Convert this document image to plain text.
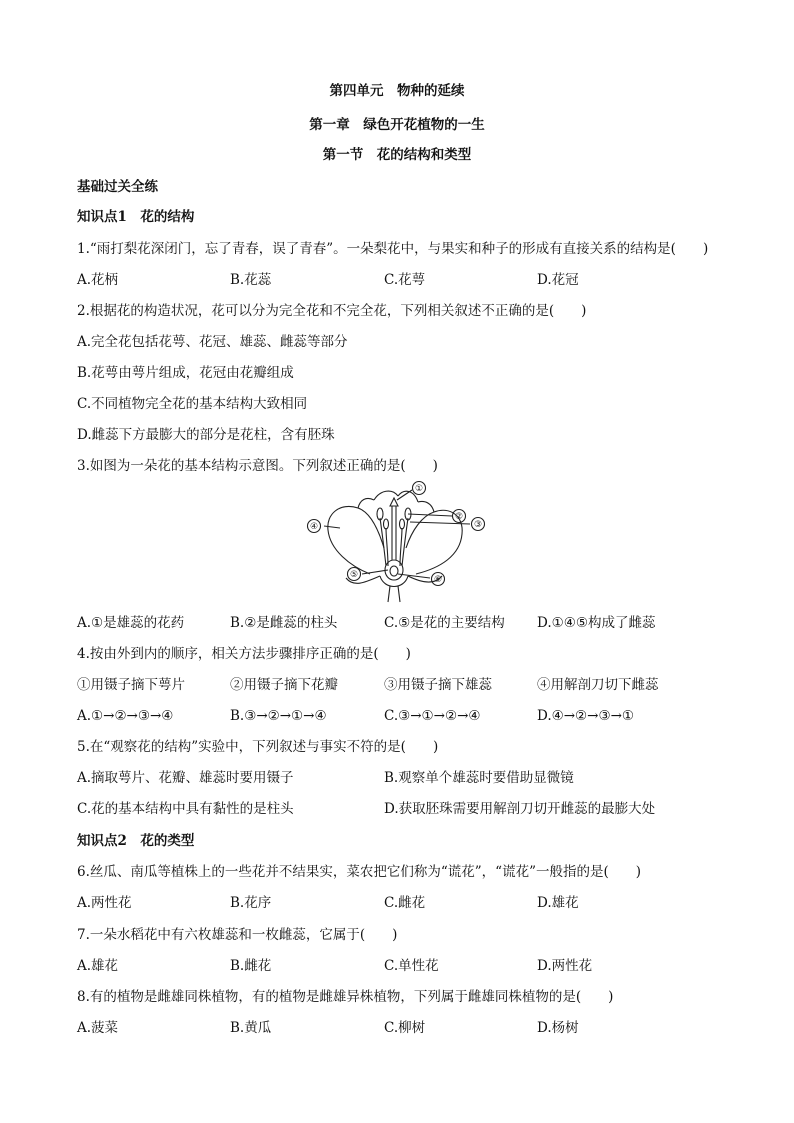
第四单元　物种的延续
第一章　绿色开花植物的一生
第一节　花的结构和类型
基础过关全练
知识点1　花的结构
1.“雨打梨花深闭门，忘了青春，误了青春”。一朵梨花中，与果实和种子的形成有直接关系的结构是(　　)
A.花柄	B.花蕊	C.花萼	D.花冠
2.根据花的构造状况，花可以分为完全花和不完全花，下列相关叙述不正确的是(　　)
A.完全花包括花萼、花冠、雄蕊、雌蕊等部分
B.花萼由萼片组成，花冠由花瓣组成
C.不同植物完全花的基本结构大致相同
D.雌蕊下方最膨大的部分是花柱，含有胚珠
3.如图为一朵花的基本结构示意图。下列叙述正确的是(　　)
①
②
③
④
⑤	⑥
A.①是雄蕊的花药	B.②是雌蕊的柱头	C.⑤是花的主要结构 D.①④⑤构成了雌蕊
4.按由外到内的顺序，相关方法步骤排序正确的是(　　)
①用镊子摘下萼片	②用镊子摘下花瓣	③用镊子摘下雄蕊	④用解剖刀切下雌蕊
A.①→②→③→④	B.③→②→①→④	C.③→①→②→④	D.④→②→③→①
5.在“观察花的结构”实验中，下列叙述与事实不符的是(　　)
A.摘取萼片、花瓣、雄蕊时要用镊子	B.观察单个雄蕊时要借助显微镜
C.花的基本结构中具有黏性的是柱头	D.获取胚珠需要用解剖刀切开雌蕊的最膨大处
知识点2　花的类型
6.丝瓜、南瓜等植株上的一些花并不结果实，菜农把它们称为“谎花”，“谎花”一般指的是(　　)
A.两性花	B.花序	C.雌花	D.雄花
7.一朵水稻花中有六枚雄蕊和一枚雌蕊，它属于(　　)
A.雄花	B.雌花	C.单性花	D.两性花
8.有的植物是雌雄同株植物，有的植物是雌雄异株植物，下列属于雌雄同株植物的是(　　)
A.菠菜	B.黄瓜	C.柳树	D.杨树
